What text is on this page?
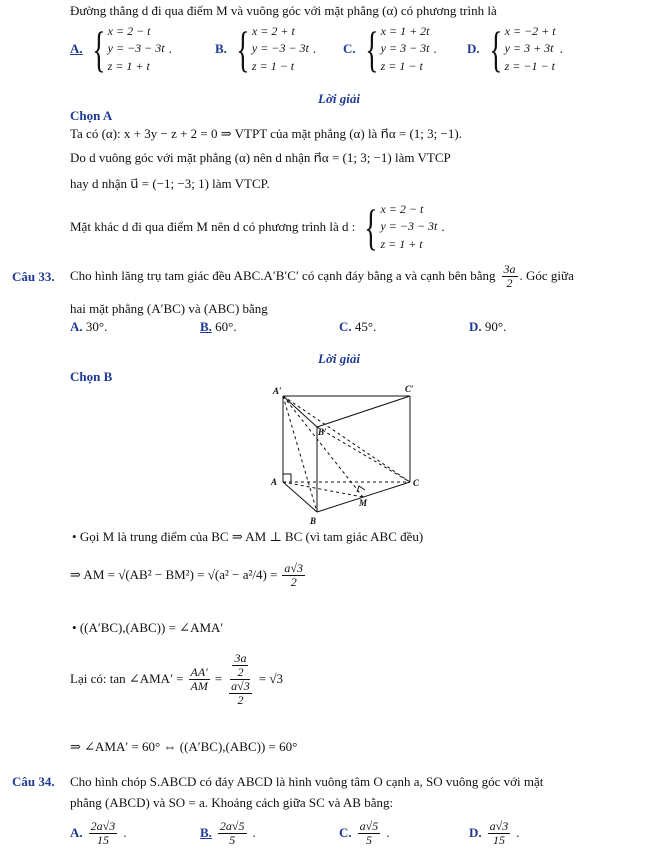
Đường thẳng d đi qua điểm M và vuông góc với mặt phẳng (α) có phương trình là
A. { x = 2 − t
y = −3 − 3t
z = 1 + t
.	B. { x = 2 + t
y = −3 − 3t
z = 1 − t
. C. { x = 1 + 2t
y = 3 − 3t
z = 1 − t
. D. { x = −2 + t
y = 3 + 3t
z = −1 − t
.
Lời giải
Chọn A
Ta có (α): x + 3y − z + 2 = 0 ⇒ VTPT của mặt phẳng (α) là n⃗α = (1; 3; −1).
Do d vuông góc với mặt phẳng (α) nên d nhận n⃗α = (1; 3; −1) làm VTCP
hay d nhận u⃗ = (−1; −3; 1) làm VTCP.
Mặt khác d đi qua điểm M nên d có phương trình là d : { x = 2 − t
y = −3 − 3t
z = 1 + t
.
Câu 33. Cho hình lăng trụ tam giác đều ABC.A′B′C′ có cạnh đáy bằng a và cạnh bên bằng $\frac{3a}{2}$ . Góc giữa
hai mặt phẳng (A′BC) và (ABC) bằng
A. 30°.	B. 60°.	C. 45°.	D. 90°.
Lời giải
Chọn B
A′	C′
B′
A	C
M
B
• Gọi M là trung điểm của BC ⇒ AM ⊥ BC (vì tam giác ABC đều)
⇒ AM = $√(AB^2 - BM^2) = √(a^2 - a^2/4) = \frac{a√3}{2}$
• ((A′BC),(ABC)) = ∠AMA′
Lại có: tan ∠AMA′ = $\frac{AA'}{AM} = 3a$
2
a√3
2 = √3
⇒ ∠AMA′ = 60° ⇔ ((A′BC),(ABC)) = 60°
Câu 34. Cho hình chóp S.ABCD có đáy ABCD là hình vuông tâm O cạnh a, SO vuông góc với mặt
phẳng (ABCD) và SO = a. Khoảng cách giữa SC và AB bằng:
A. $\frac{2a√3}{15}$ .	B. $\frac{2a√5}{5}$ .	C. $\frac{a√5}{5}$ .	D. $\frac{a√3}{15}$ .
